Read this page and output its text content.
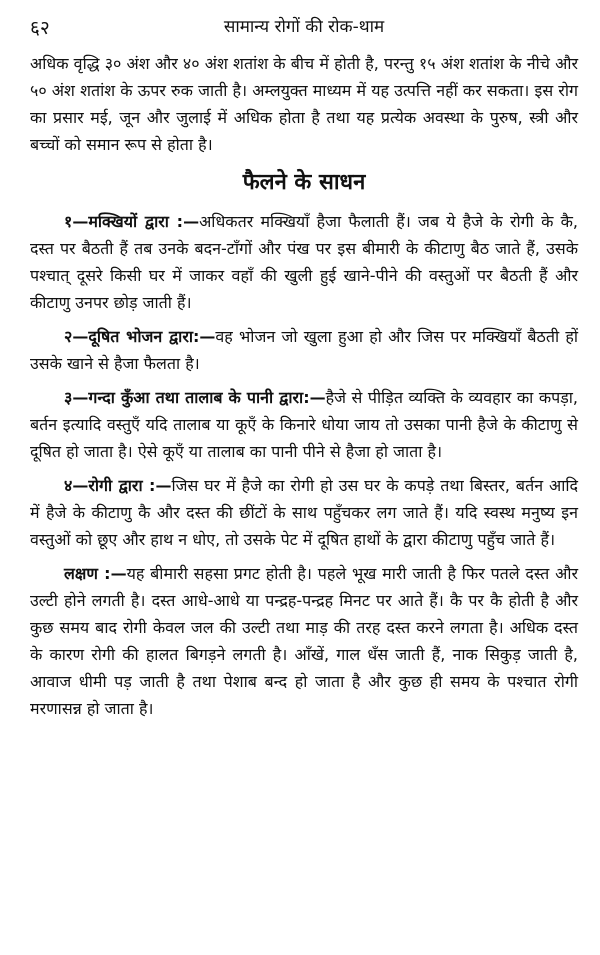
६२	सामान्य रोगों की रोक-थाम

अधिक वृद्धि ३० अंश और ४० अंश शतांश के बीच में होती है, परन्तु १५ अंश शतांश के नीचे और ५० अंश शतांश के ऊपर रुक जाती है। अम्लयुक्त माध्यम में यह उत्पत्ति नहीं कर सकता। इस रोग का प्रसार मई, जून और जुलाई में अधिक होता है तथा यह प्रत्येक अवस्था के पुरुष, स्त्री और बच्चों को समान रूप से होता है।

फैलने के साधन

१—मक्खियों द्वारा :—अधिकतर मक्खियाँ हैजा फैलाती हैं। जब ये हैजे के रोगी के कै, दस्त पर बैठती हैं तब उनके बदन-टाँगों और पंख पर इस बीमारी के कीटाणु बैठ जाते हैं, उसके पश्चात् दूसरे किसी घर में जाकर वहाँ की खुली हुई खाने-पीने की वस्तुओं पर बैठती हैं और कीटाणु उनपर छोड़ जाती हैं।

२—दूषित भोजन द्वारा:—वह भोजन जो खुला हुआ हो और जिस पर मक्खियाँ बैठती हों उसके खाने से हैजा फैलता है।

३—गन्दा कुँआ तथा तालाब के पानी द्वारा:—हैजे से पीड़ित व्यक्ति के व्यवहार का कपड़ा, बर्तन इत्यादि वस्तुएँ यदि तालाब या कूएँ के किनारे धोया जाय तो उसका पानी हैजे के कीटाणु से दूषित हो जाता है। ऐसे कूएँ या तालाब का पानी पीने से हैजा हो जाता है।

४—रोगी द्वारा :—जिस घर में हैजे का रोगी हो उस घर के कपड़े तथा बिस्तर, बर्तन आदि में हैजे के कीटाणु कै और दस्त की छींटों के साथ पहुँचकर लग जाते हैं। यदि स्वस्थ मनुष्य इन वस्तुओं को छूए और हाथ न धोए, तो उसके पेट में दूषित हाथों के द्वारा कीटाणु पहुँच जाते हैं।

लक्षण :—यह बीमारी सहसा प्रगट होती है। पहले भूख मारी जाती है फिर पतले दस्त और उल्टी होने लगती है। दस्त आधे-आधे या पन्द्रह-पन्द्रह मिनट पर आते हैं। कै पर कै होती है और कुछ समय बाद रोगी केवल जल की उल्टी तथा माड़ की तरह दस्त करने लगता है। अधिक दस्त के कारण रोगी की हालत बिगड़ने लगती है। आँखें, गाल धँस जाती हैं, नाक सिकुड़ जाती है, आवाज धीमी पड़ जाती है तथा पेशाब बन्द हो जाता है और कुछ ही समय के पश्चात रोगी मरणासन्न हो जाता है।
